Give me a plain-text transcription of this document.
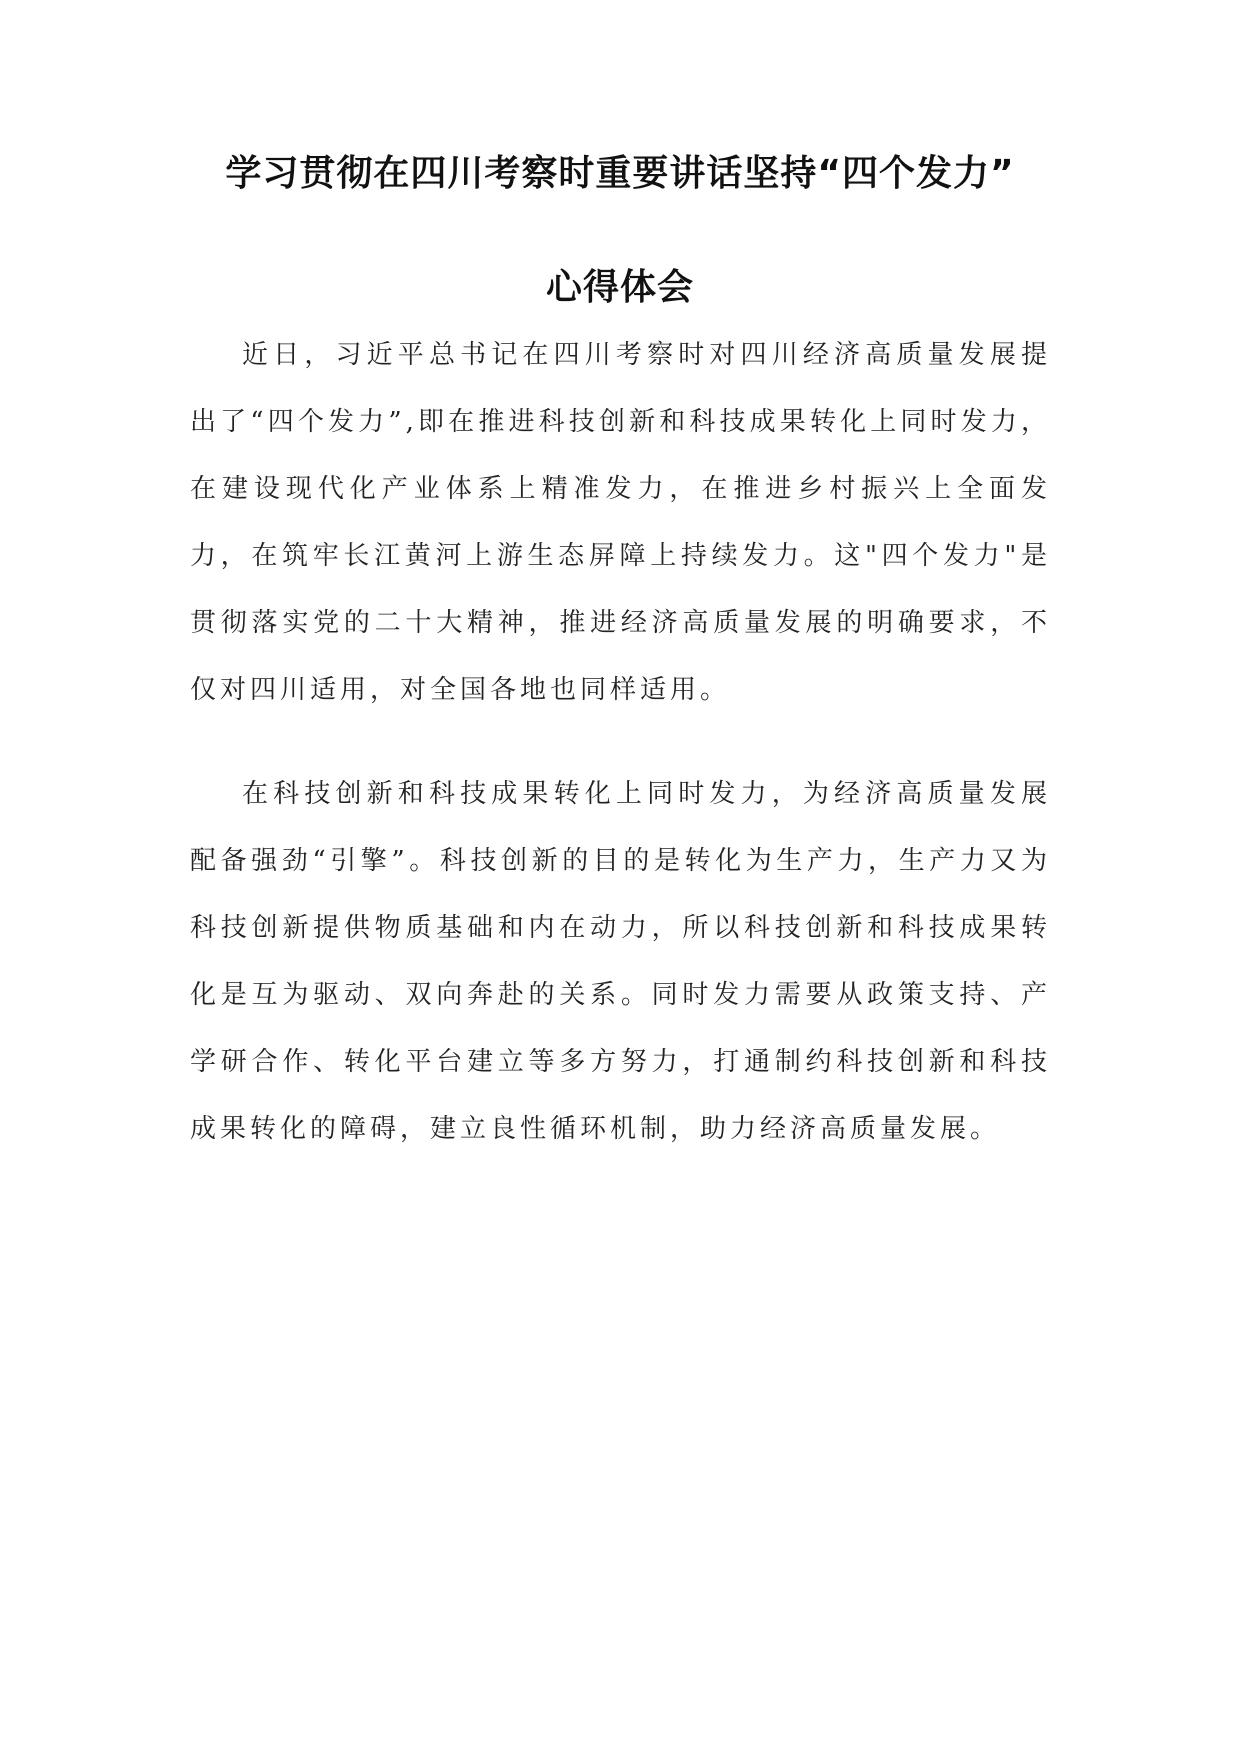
学习贯彻在四川考察时重要讲话坚持“四个发力”
心得体会

近日，习近平总书记在四川考察时对四川经济高质量发展提出了“四个发力”,即在推进科技创新和科技成果转化上同时发力，在建设现代化产业体系上精准发力，在推进乡村振兴上全面发力，在筑牢长江黄河上游生态屏障上持续发力。这"四个发力"是贯彻落实党的二十大精神，推进经济高质量发展的明确要求，不仅对四川适用，对全国各地也同样适用。

在科技创新和科技成果转化上同时发力，为经济高质量发展配备强劲“引擎”。科技创新的目的是转化为生产力，生产力又为科技创新提供物质基础和内在动力，所以科技创新和科技成果转化是互为驱动、双向奔赴的关系。同时发力需要从政策支持、产学研合作、转化平台建立等多方努力，打通制约科技创新和科技成果转化的障碍，建立良性循环机制，助力经济高质量发展。
